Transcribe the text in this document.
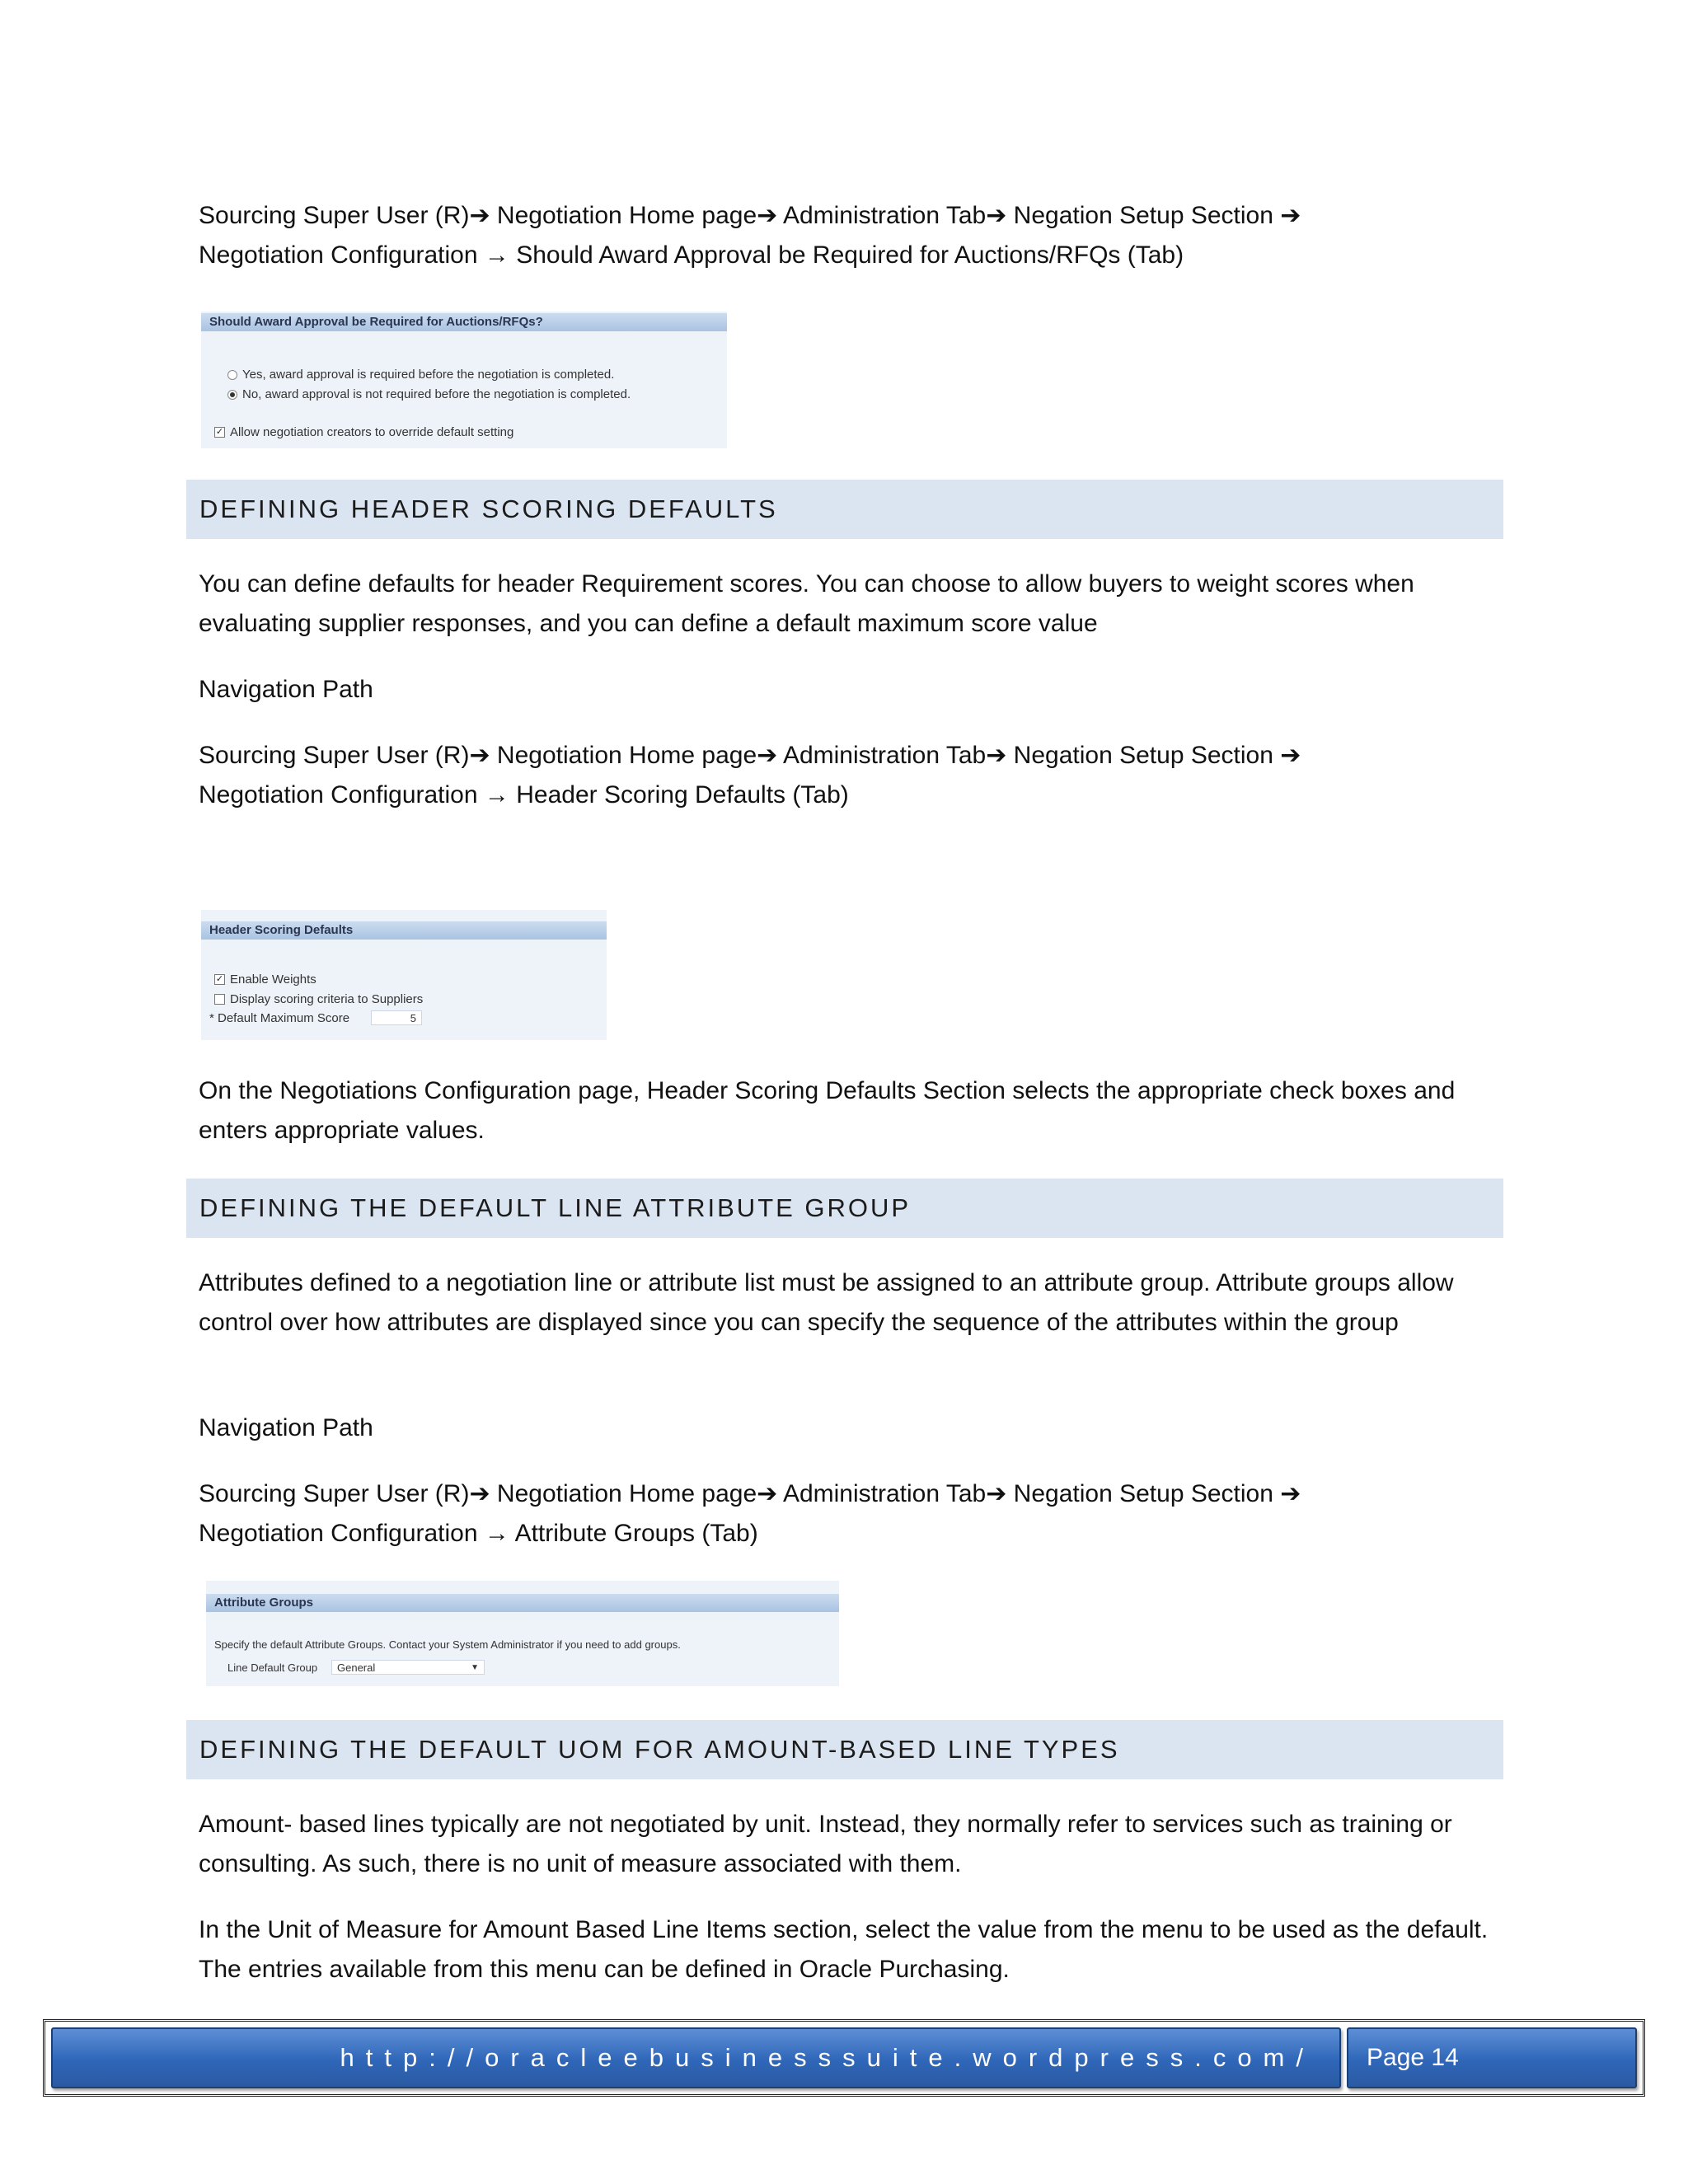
Sourcing Super User (R)➔ Negotiation Home page➔ Administration Tab➔ Negation Setup Section ➔
Negotiation Configuration → Should Award Approval be Required for Auctions/RFQs (Tab)

Should Award Approval be Required for Auctions/RFQs?
Yes, award approval is required before the negotiation is completed.
No, award approval is not required before the negotiation is completed.
✓ Allow negotiation creators to override default setting
DEFINING HEADER SCORING DEFAULTS

You can define defaults for header Requirement scores. You can choose to allow buyers to weight scores when evaluating supplier responses, and you can define a default maximum score value

Navigation Path

Sourcing Super User (R)➔ Negotiation Home page➔ Administration Tab➔ Negation Setup Section ➔
Negotiation Configuration → Header Scoring Defaults (Tab)

Header Scoring Defaults
✓ Enable Weights
Display scoring criteria to Suppliers
* Default Maximum Score	5

On the Negotiations Configuration page, Header Scoring Defaults Section selects the appropriate check boxes and enters appropriate values.

DEFINING THE DEFAULT LINE ATTRIBUTE GROUP

Attributes defined to a negotiation line or attribute list must be assigned to an attribute group. Attribute groups allow control over how attributes are displayed since you can specify the sequence of the attributes within the group

Navigation Path

Sourcing Super User (R)➔ Negotiation Home page➔ Administration Tab➔ Negation Setup Section ➔
Negotiation Configuration → Attribute Groups (Tab)

Attribute Groups
Specify the default Attribute Groups. Contact your System Administrator if you need to add groups.
Line Default Group	General	▼
DEFINING THE DEFAULT UOM FOR AMOUNT-BASED LINE TYPES

Amount- based lines typically are not negotiated by unit. Instead, they normally refer to services such as training or consulting. As such, there is no unit of measure associated with them.

In the Unit of Measure for Amount Based Line Items section, select the value from the menu to be used as the default. The entries available from this menu can be defined in Oracle Purchasing.

http://oracleebusinesssuite.wordpress.com/	Page 14
